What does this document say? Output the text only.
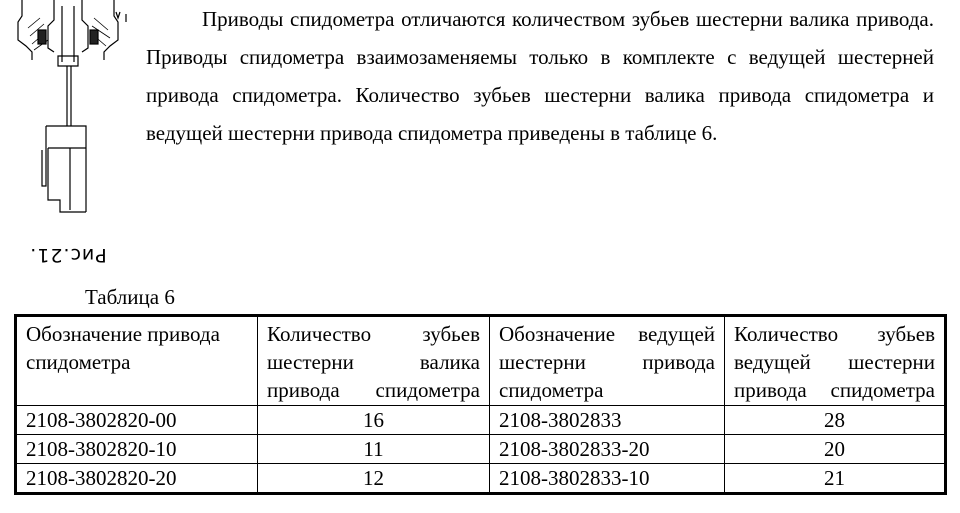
Рис.21.

Приводы спидометра отличаются количеством зубьев шестерни валика привода. Приводы спидометра взаимозаменяемы только в комплекте с ведущей шестерней привода спидометра. Количество зубьев шестерни валика привода спидометра и ведущей шестерни привода спидометра приведены в таблице 6.

Таблица 6

Обозначение привода спидометра	Количество зубьев шестерни валика привода спидометра	Обозначение ведущей шестерни привода спидометра	Количество зубьев ведущей шестерни привода спидометра
2108-3802820-00	16	2108-3802833	28
2108-3802820-10	11	2108-3802833-20	20
2108-3802820-20	12	2108-3802833-10	21
